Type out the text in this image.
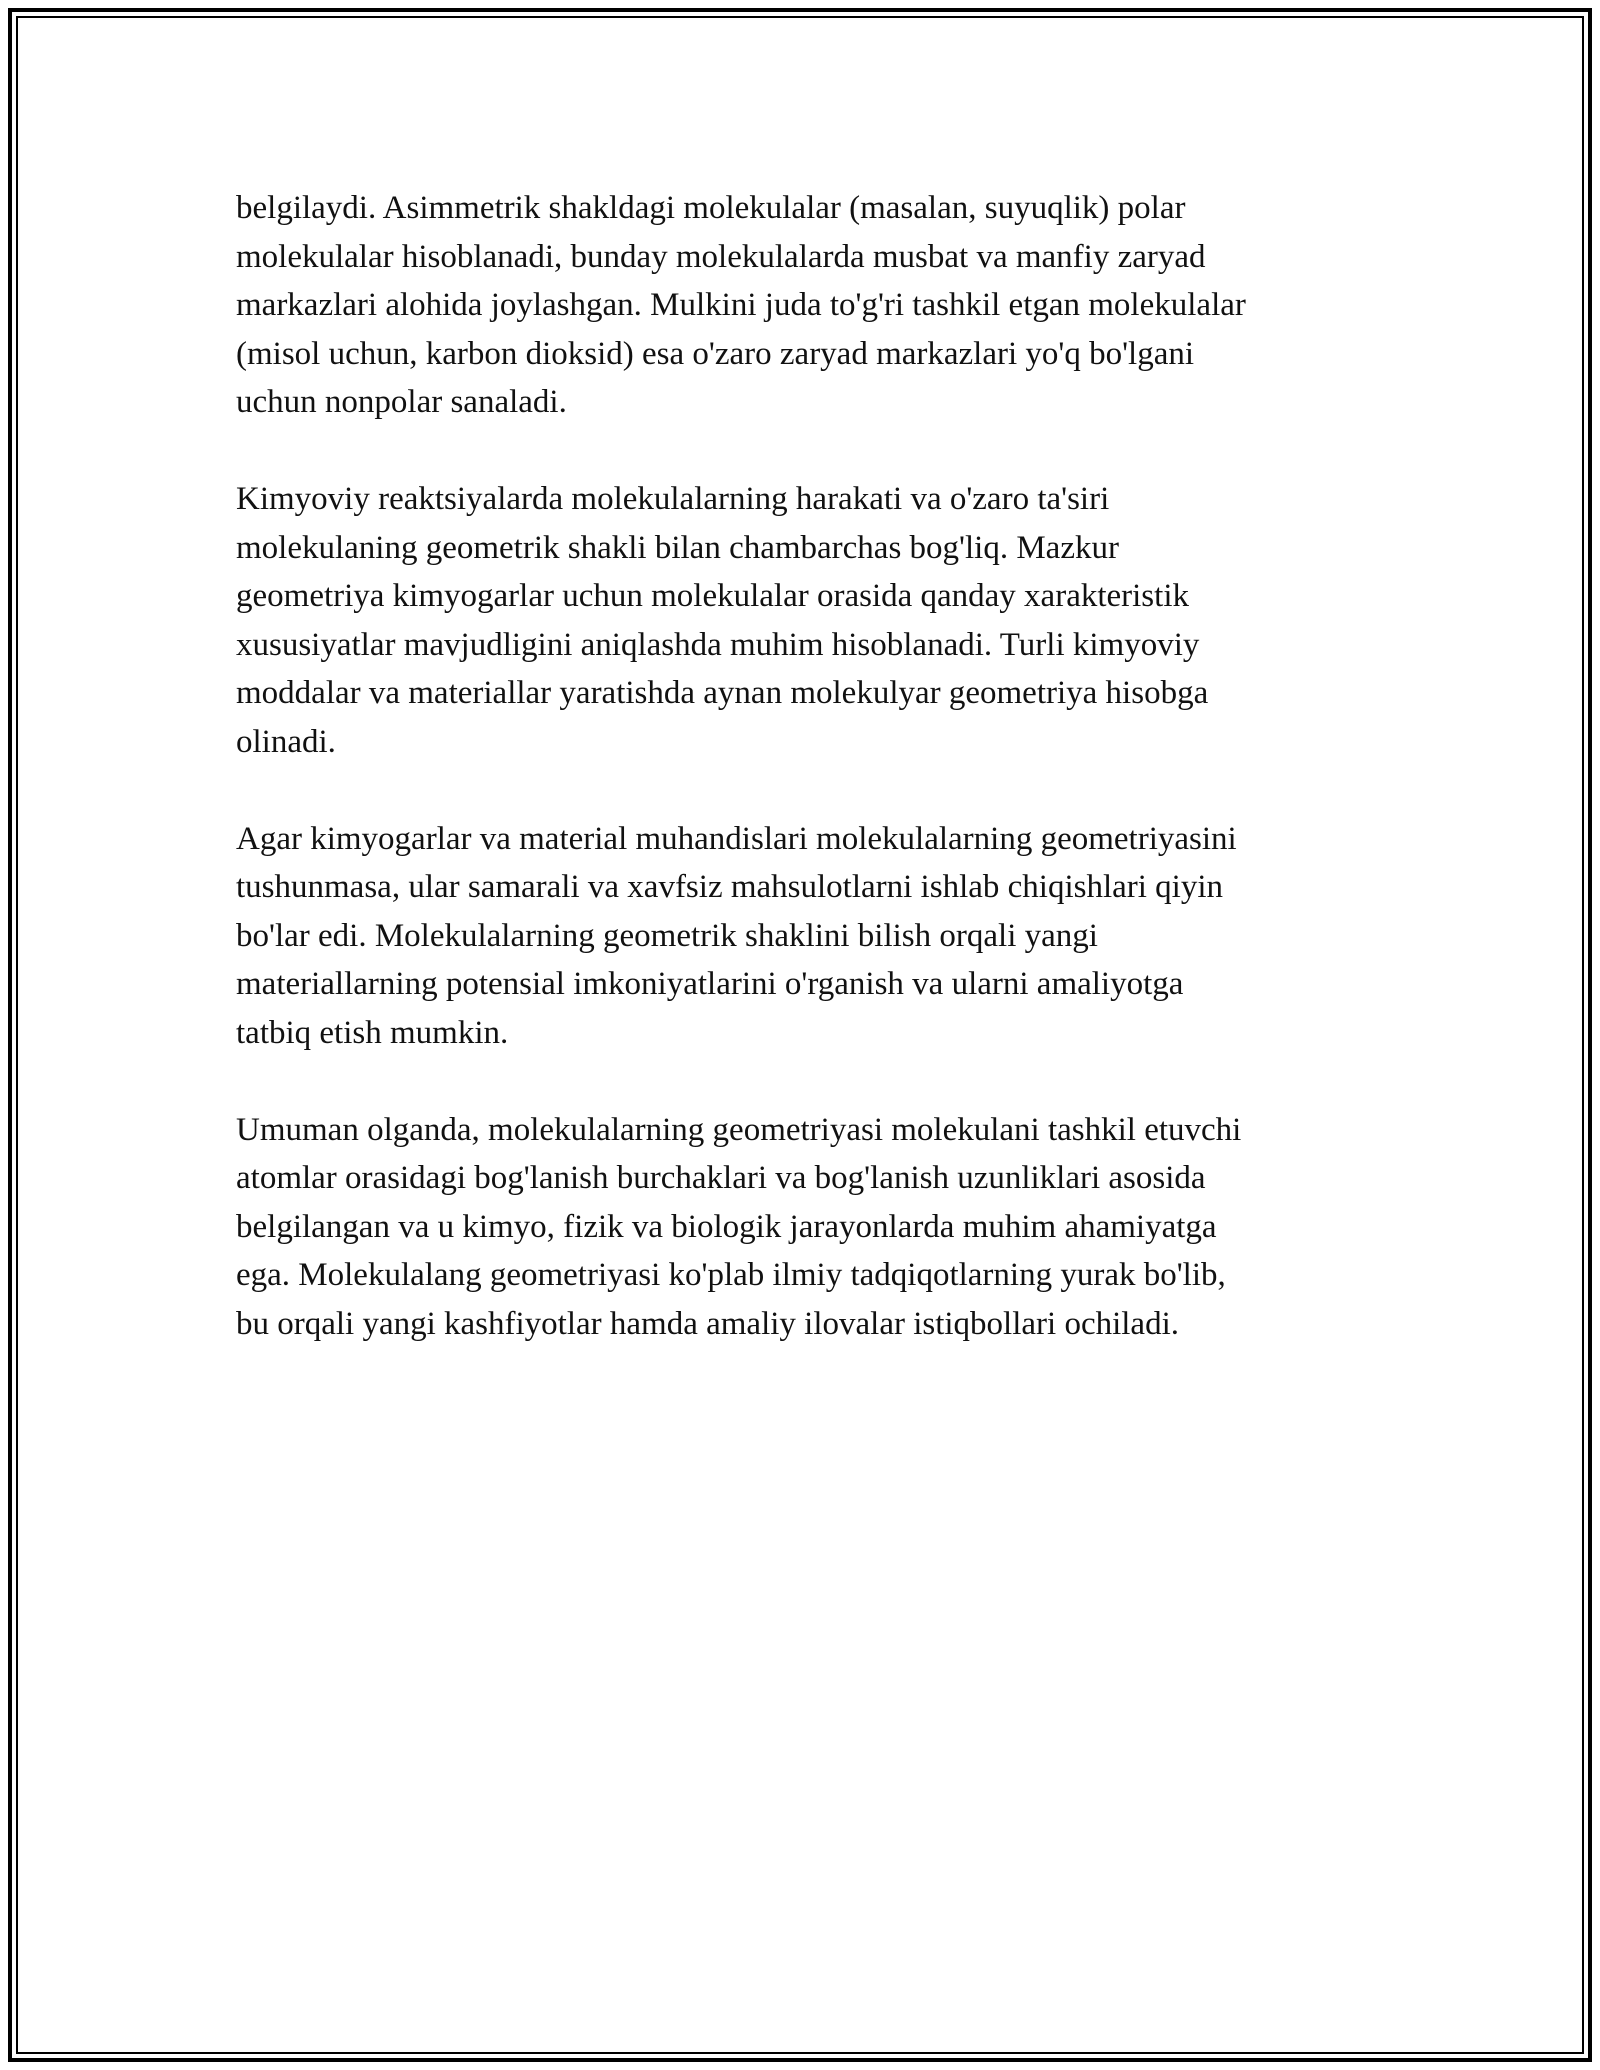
belgilaydi. Asimmetrik shakldagi molekulalar (masalan, suyuqlik) polar
molekulalar hisoblanadi, bunday molekulalarda musbat va manfiy zaryad
markazlari alohida joylashgan. Mulkini juda to'g'ri tashkil etgan molekulalar
(misol uchun, karbon dioksid) esa o'zaro zaryad markazlari yo'q bo'lgani
uchun nonpolar sanaladi.

Kimyoviy reaktsiyalarda molekulalarning harakati va o'zaro ta'siri
molekulaning geometrik shakli bilan chambarchas bog'liq. Mazkur
geometriya kimyogarlar uchun molekulalar orasida qanday xarakteristik
xususiyatlar mavjudligini aniqlashda muhim hisoblanadi. Turli kimyoviy
moddalar va materiallar yaratishda aynan molekulyar geometriya hisobga
olinadi.

Agar kimyogarlar va material muhandislari molekulalarning geometriyasini
tushunmasa, ular samarali va xavfsiz mahsulotlarni ishlab chiqishlari qiyin
bo'lar edi. Molekulalarning geometrik shaklini bilish orqali yangi
materiallarning potensial imkoniyatlarini o'rganish va ularni amaliyotga
tatbiq etish mumkin.

Umuman olganda, molekulalarning geometriyasi molekulani tashkil etuvchi
atomlar orasidagi bog'lanish burchaklari va bog'lanish uzunliklari asosida
belgilangan va u kimyo, fizik va biologik jarayonlarda muhim ahamiyatga
ega. Molekulalang geometriyasi ko'plab ilmiy tadqiqotlarning yurak bo'lib,
bu orqali yangi kashfiyotlar hamda amaliy ilovalar istiqbollari ochiladi.
